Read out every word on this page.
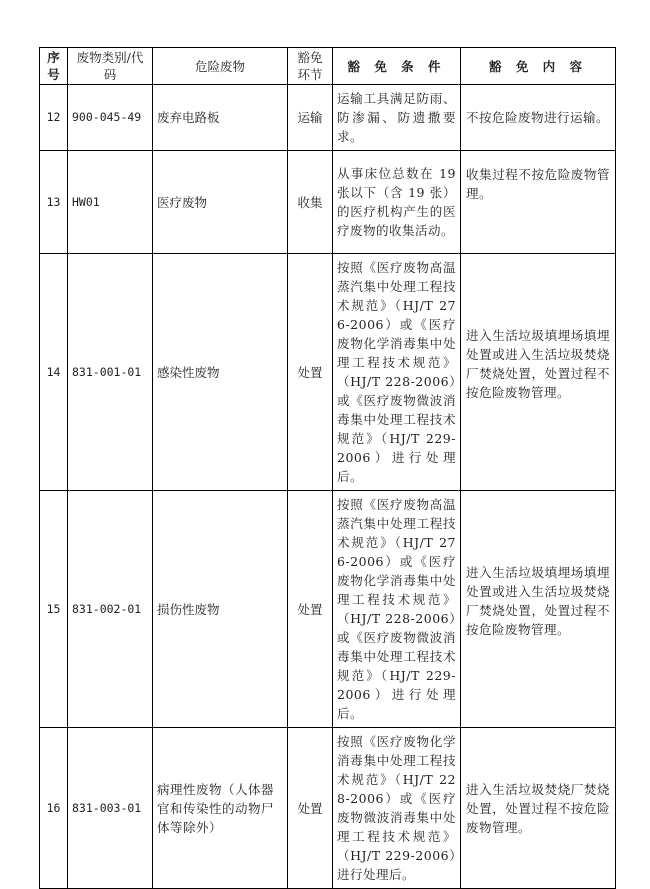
序号	废物类别/代码	危险废物	豁免环节	豁 免 条 件	豁 免 内 容
12	900-045-49	废弃电路板	运输	运输工具满足防雨、防渗漏、防遗撒要求。	不按危险废物进行运输。
13	HW01	医疗废物	收集	从事床位总数在 19 张以下（含 19 张）的医疗机构产生的医疗废物的收集活动。	收集过程不按危险废物管理。
14	831-001-01	感染性废物	处置	按照《医疗废物高温蒸汽集中处理工程技术规范》（HJ/T 276-2006）或《医疗废物化学消毒集中处理工程技术规范》（HJ/T 228-2006）或《医疗废物微波消毒集中处理工程技术规范》（HJ/T 229-2006）进行处理后。	进入生活垃圾填埋场填埋处置或进入生活垃圾焚烧厂焚烧处置，处置过程不按危险废物管理。
15	831-002-01	损伤性废物	处置	按照《医疗废物高温蒸汽集中处理工程技术规范》（HJ/T 276-2006）或《医疗废物化学消毒集中处理工程技术规范》（HJ/T 228-2006）或《医疗废物微波消毒集中处理工程技术规范》（HJ/T 229-2006）进行处理后。	进入生活垃圾填埋场填埋处置或进入生活垃圾焚烧厂焚烧处置，处置过程不按危险废物管理。
16	831-003-01	病理性废物（人体器官和传染性的动物尸体等除外）	处置	按照《医疗废物化学消毒集中处理工程技术规范》（HJ/T 228-2006）或《医疗废物微波消毒集中处理工程技术规范》（HJ/T 229-2006）进行处理后。	进入生活垃圾焚烧厂焚烧处置，处置过程不按危险废物管理。
